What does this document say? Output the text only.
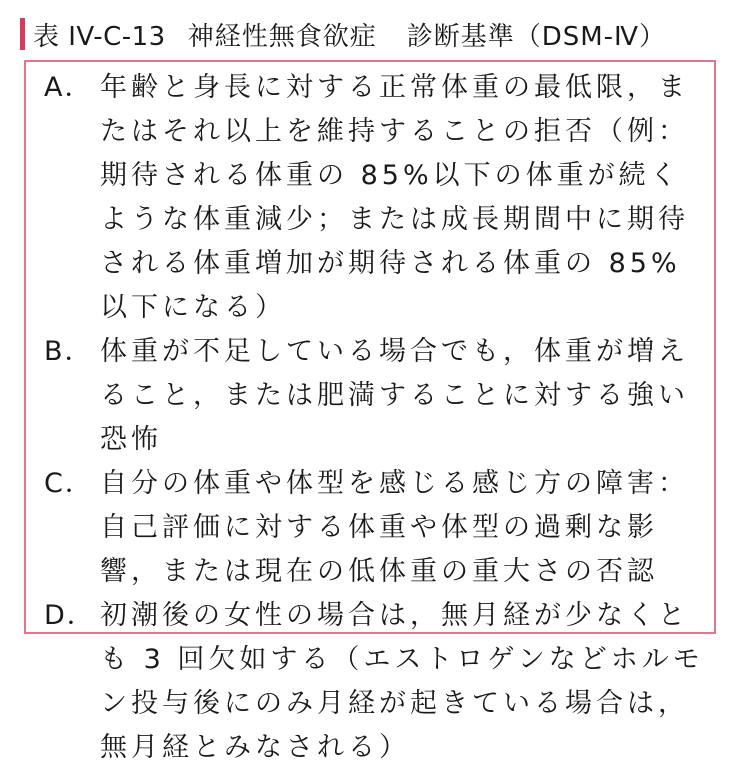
表 IV-C-13 神経性無食欲症 診断基準（DSM-Ⅳ）
A． 年齢と身長に対する正常体重の最低限，またはそれ以上を維持することの拒否（例：期待される体重の 85%以下の体重が続くような体重減少；または成長期間中に期待される体重増加が期待される体重の 85%以下になる）
B． 体重が不足している場合でも，体重が増えること，または肥満することに対する強い恐怖
C． 自分の体重や体型を感じる感じ方の障害：自己評価に対する体重や体型の過剰な影響，または現在の低体重の重大さの否認
D． 初潮後の女性の場合は，無月経が少なくとも 3 回欠如する（エストロゲンなどホルモン投与後にのみ月経が起きている場合は，無月経とみなされる）
